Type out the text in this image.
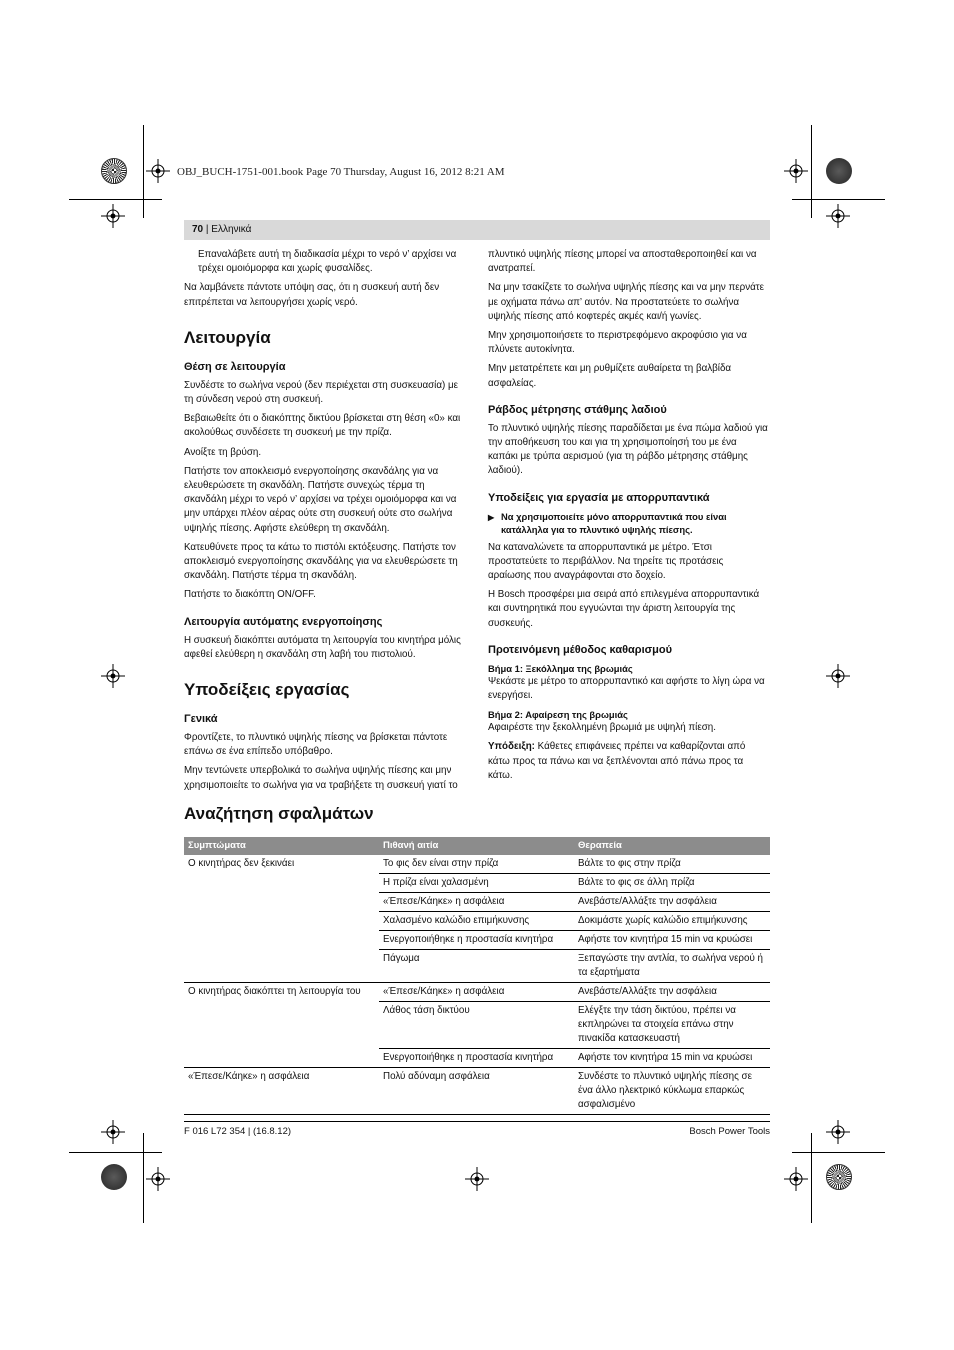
OBJ_BUCH-1751-001.book Page 70 Thursday, August 16, 2012 8:21 AM
70 | Ελληνικά

Επαναλάβετε αυτή τη διαδικασία μέχρι το νερό ν’ αρχίσει να τρέχει ομοιόμορφα και χωρίς φυσαλίδες.

Να λαμβάνετε πάντοτε υπόψη σας, ότι η συσκευή αυτή δεν επιτρέπεται να λειτουργήσει χωρίς νερό.

Λειτουργία
Θέση σε λειτουργία

Συνδέστε το σωλήνα νερού (δεν περιέχεται στη συσκευασία) με τη σύνδεση νερού στη συσκευή.

Βεβαιωθείτε ότι ο διακόπτης δικτύου βρίσκεται στη θέση «0» και ακολούθως συνδέσετε τη συσκευή με την πρίζα.

Ανοίξτε τη βρύση.

Πατήστε τον αποκλεισμό ενεργοποίησης σκανδάλης για να ελευθερώσετε τη σκανδάλη. Πατήστε συνεχώς τέρμα τη σκανδάλη μέχρι το νερό ν’ αρχίσει να τρέχει ομοιόμορφα και να μην υπάρχει πλέον αέρας ούτε στη συσκευή ούτε στο σωλήνα υψηλής πίεσης. Αφήστε ελεύθερη τη σκανδάλη.

Κατευθύνετε προς τα κάτω το πιστόλι εκτόξευσης. Πατήστε τον αποκλεισμό ενεργοποίησης σκανδάλης για να ελευθερώσετε τη σκανδάλη. Πατήστε τέρμα τη σκανδάλη.

Πατήστε το διακόπτη ON/OFF.

Λειτουργία αυτόματης ενεργοποίησης

Η συσκευή διακόπτει αυτόματα τη λειτουργία του κινητήρα μόλις αφεθεί ελεύθερη η σκανδάλη στη λαβή του πιστολιού.

Υποδείξεις εργασίας
Γενικά

Φροντίζετε, το πλυντικό υψηλής πίεσης να βρίσκεται πάντοτε επάνω σε ένα επίπεδο υπόβαθρο.

Μην τεντώνετε υπερβολικά το σωλήνα υψηλής πίεσης και μην χρησιμοποιείτε το σωλήνα για να τραβήξετε τη συσκευή γιατί το

πλυντικό υψηλής πίεσης μπορεί να αποσταθεροποιηθεί και να ανατραπεί.

Να μην τσακίζετε το σωλήνα υψηλής πίεσης και να μην περνάτε με οχήματα πάνω απ’ αυτόν. Να προστατεύετε το σωλήνα υψηλής πίεσης από κοφτερές ακμές και/ή γωνίες.

Μην χρησιμοποιήσετε το περιστρεφόμενο ακροφύσιο για να πλύνετε αυτοκίνητα.

Μην μετατρέπετε και μη ρυθμίζετε αυθαίρετα τη βαλβίδα ασφαλείας.

Ράβδος μέτρησης στάθμης λαδιού

Το πλυντικό υψηλής πίεσης παραδίδεται με ένα πώμα λαδιού για την αποθήκευση του και για τη χρησιμοποίησή του με ένα καπάκι με τρύπα αερισμού (για τη ράβδο μέτρησης στάθμης λαδιού).

Υποδείξεις για εργασία με απορρυπαντικά
▶ Να χρησιμοποιείτε μόνο απορρυπαντικά που είναι κατάλληλα για το πλυντικό υψηλής πίεσης.

Να καταναλώνετε τα απορρυπαντικά με μέτρο. Έτσι προστατεύετε το περιβάλλον. Να τηρείτε τις προτάσεις αραίωσης που αναγράφονται στο δοχείο.

Η Bosch προσφέρει μια σειρά από επιλεγμένα απορρυπαντικά και συντηρητικά που εγγυώνται την άριστη λειτουργία της συσκευής.

Προτεινόμενη μέθοδος καθαρισμού
Βήμα 1: Ξεκόλλημα της βρωμιάς

Ψεκάστε με μέτρο το απορρυπαντικό και αφήστε το λίγη ώρα να ενεργήσει.

Βήμα 2: Αφαίρεση της βρωμιάς

Αφαιρέστε την ξεκολλημένη βρωμιά με υψηλή πίεση.

Υπόδειξη: Κάθετες επιφάνειες πρέπει να καθαρίζονται από κάτω προς τα πάνω και να ξεπλένονται από πάνω προς τα κάτω.

Αναζήτηση σφαλμάτων
Συμπτώματα	Πιθανή αιτία	Θεραπεία
Ο κινητήρας δεν ξεκινάει	Το φις δεν είναι στην πρίζα	Βάλτε το φις στην πρίζα
	Η πρίζα είναι χαλασμένη	Βάλτε το φις σε άλλη πρίζα
	«Έπεσε/Κάηκε» η ασφάλεια	Ανεβάστε/Αλλάξτε την ασφάλεια
	Χαλασμένο καλώδιο επιμήκυνσης	Δοκιμάστε χωρίς καλώδιο επιμήκυνσης
	Ενεργοποιήθηκε η προστασία κινητήρα	Αφήστε τον κινητήρα 15 min να κρυώσει
	Πάγωμα	Ξεπαγώστε την αντλία, το σωλήνα νερού ή τα εξαρτήματα
Ο κινητήρας διακόπτει τη λειτουργία του	«Έπεσε/Κάηκε» η ασφάλεια	Ανεβάστε/Αλλάξτε την ασφάλεια
	Λάθος τάση δικτύου	Ελέγξτε την τάση δικτύου, πρέπει να εκπληρώνει τα στοιχεία επάνω στην πινακίδα κατασκευαστή
	Ενεργοποιήθηκε η προστασία κινητήρα	Αφήστε τον κινητήρα 15 min να κρυώσει
«Έπεσε/Κάηκε» η ασφάλεια	Πολύ αδύναμη ασφάλεια	Συνδέστε το πλυντικό υψηλής πίεσης σε ένα άλλο ηλεκτρικό κύκλωμα επαρκώς ασφαλισμένο
F 016 L72 354 | (16.8.12)	Bosch Power Tools
